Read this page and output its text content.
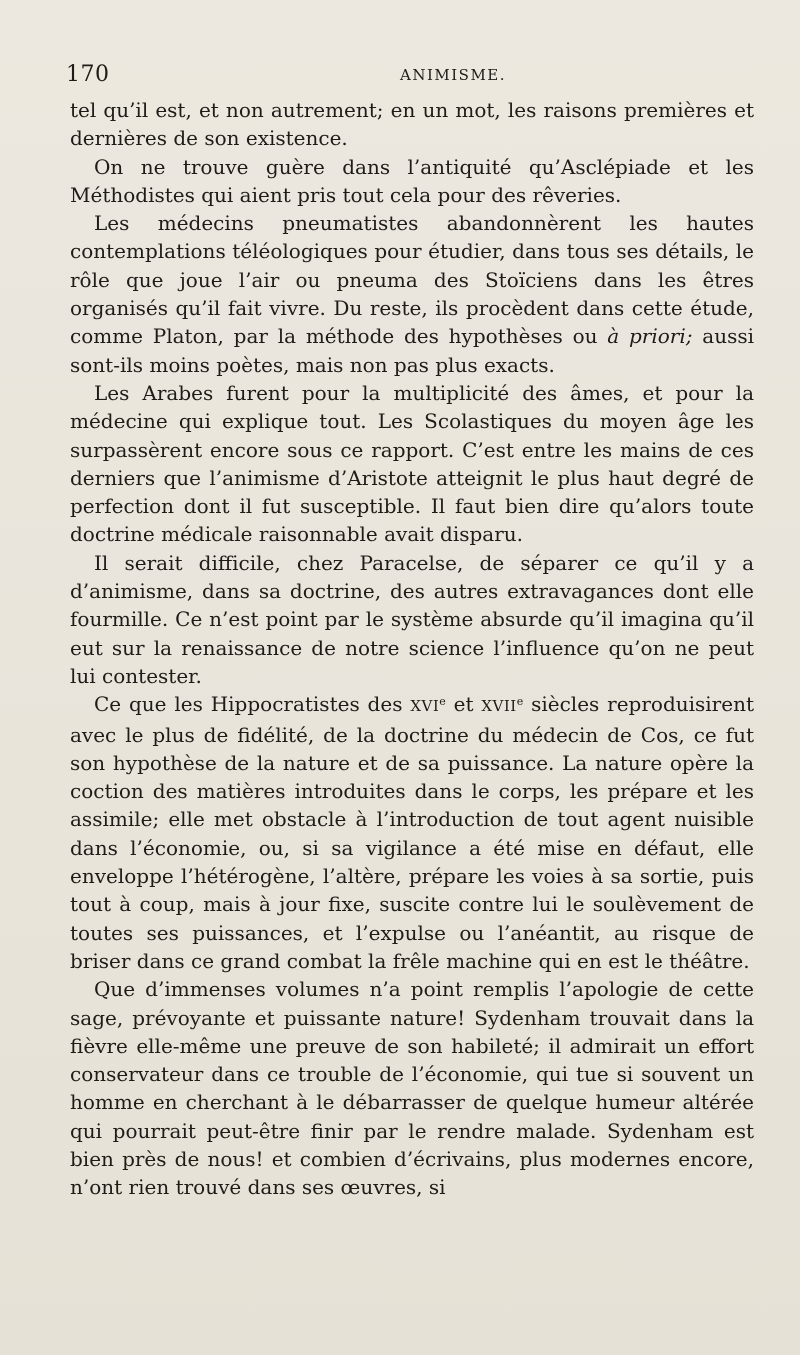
170	ANIMISME.

tel qu’il est, et non autrement; en un mot, les raisons premières et dernières de son existence.

On ne trouve guère dans l’antiquité qu’Asclépiade et les Méthodistes qui aient pris tout cela pour des rêveries.

Les médecins pneumatistes abandonnèrent les hautes contemplations téléologiques pour étudier, dans tous ses détails, le rôle que joue l’air ou pneuma des Stoïciens dans les êtres organisés qu’il fait vivre. Du reste, ils procèdent dans cette étude, comme Platon, par la méthode des hypothèses ou à priori; aussi sont-ils moins poètes, mais non pas plus exacts.

Les Arabes furent pour la multiplicité des âmes, et pour la médecine qui explique tout. Les Scolastiques du moyen âge les surpassèrent encore sous ce rapport. C’est entre les mains de ces derniers que l’animisme d’Aristote atteignit le plus haut degré de perfection dont il fut susceptible. Il faut bien dire qu’alors toute doctrine médicale raisonnable avait disparu.

Il serait difficile, chez Paracelse, de séparer ce qu’il y a d’animisme, dans sa doctrine, des autres extravagances dont elle fourmille. Ce n’est point par le système absurde qu’il imagina qu’il eut sur la renaissance de notre science l’influence qu’on ne peut lui contester.

Ce que les Hippocratistes des XVIe et XVIIe siècles reproduisirent avec le plus de fidélité, de la doctrine du médecin de Cos, ce fut son hypothèse de la nature et de sa puissance. La nature opère la coction des matières introduites dans le corps, les prépare et les assimile; elle met obstacle à l’introduction de tout agent nuisible dans l’économie, ou, si sa vigilance a été mise en défaut, elle enveloppe l’hétérogène, l’altère, prépare les voies à sa sortie, puis tout à coup, mais à jour fixe, suscite contre lui le soulèvement de toutes ses puissances, et l’expulse ou l’anéantit, au risque de briser dans ce grand combat la frêle machine qui en est le théâtre.

Que d’immenses volumes n’a point remplis l’apologie de cette sage, prévoyante et puissante nature! Sydenham trouvait dans la fièvre elle-même une preuve de son habileté; il admirait un effort conservateur dans ce trouble de l’économie, qui tue si souvent un homme en cherchant à le débarrasser de quelque humeur altérée qui pourrait peut-être finir par le rendre malade. Sydenham est bien près de nous! et combien d’écrivains, plus modernes encore, n’ont rien trouvé dans ses œuvres, si
